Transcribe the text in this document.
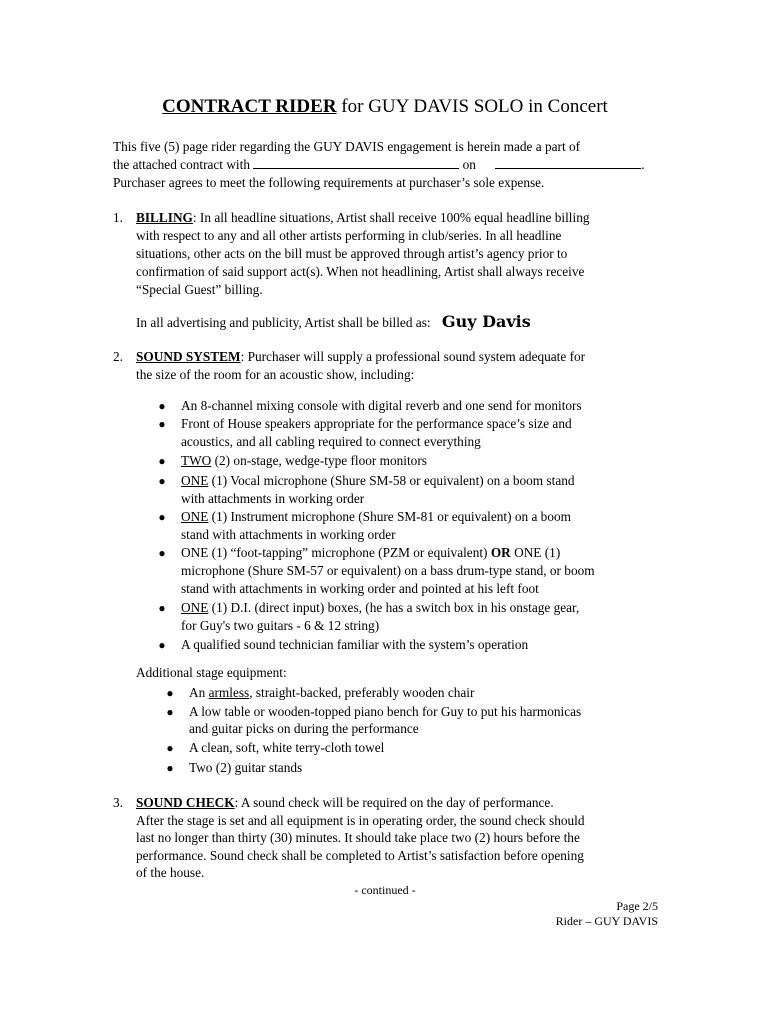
CONTRACT RIDER for GUY DAVIS SOLO in Concert
This five (5) page rider regarding the GUY DAVIS engagement is herein made a part of
the attached contract with	on	.
Purchaser agrees to meet the following requirements at purchaser’s sole expense.
1. BILLING: In all headline situations, Artist shall receive 100% equal headline billing
with respect to any and all other artists performing in club/series. In all headline
situations, other acts on the bill must be approved through artist’s agency prior to
confirmation of said support act(s). When not headlining, Artist shall always receive
“Special Guest” billing.
In all advertising and publicity, Artist shall be billed as: Guy Davis
2. SOUND SYSTEM: Purchaser will supply a professional sound system adequate for
the size of the room for an acoustic show, including:
● An 8-channel mixing console with digital reverb and one send for monitors
● Front of House speakers appropriate for the performance space’s size and
acoustics, and all cabling required to connect everything
● TWO (2) on-stage, wedge-type floor monitors
● ONE (1) Vocal microphone (Shure SM-58 or equivalent) on a boom stand
with attachments in working order
● ONE (1) Instrument microphone (Shure SM-81 or equivalent) on a boom
stand with attachments in working order
● ONE (1) “foot-tapping” microphone (PZM or equivalent) OR ONE (1)
microphone (Shure SM-57 or equivalent) on a bass drum-type stand, or boom
stand with attachments in working order and pointed at his left foot
● ONE (1) D.I. (direct input) boxes, (he has a switch box in his onstage gear,
for Guy's two guitars - 6 & 12 string)
● A qualified sound technician familiar with the system’s operation
Additional stage equipment:
● An armless, straight-backed, preferably wooden chair
● A low table or wooden-topped piano bench for Guy to put his harmonicas
and guitar picks on during the performance
● A clean, soft, white terry-cloth towel
● Two (2) guitar stands
3. SOUND CHECK: A sound check will be required on the day of performance.
After the stage is set and all equipment is in operating order, the sound check should
last no longer than thirty (30) minutes. It should take place two (2) hours before the
performance. Sound check shall be completed to Artist’s satisfaction before opening
of the house.
- continued -
Page 2/5
Rider – GUY DAVIS
